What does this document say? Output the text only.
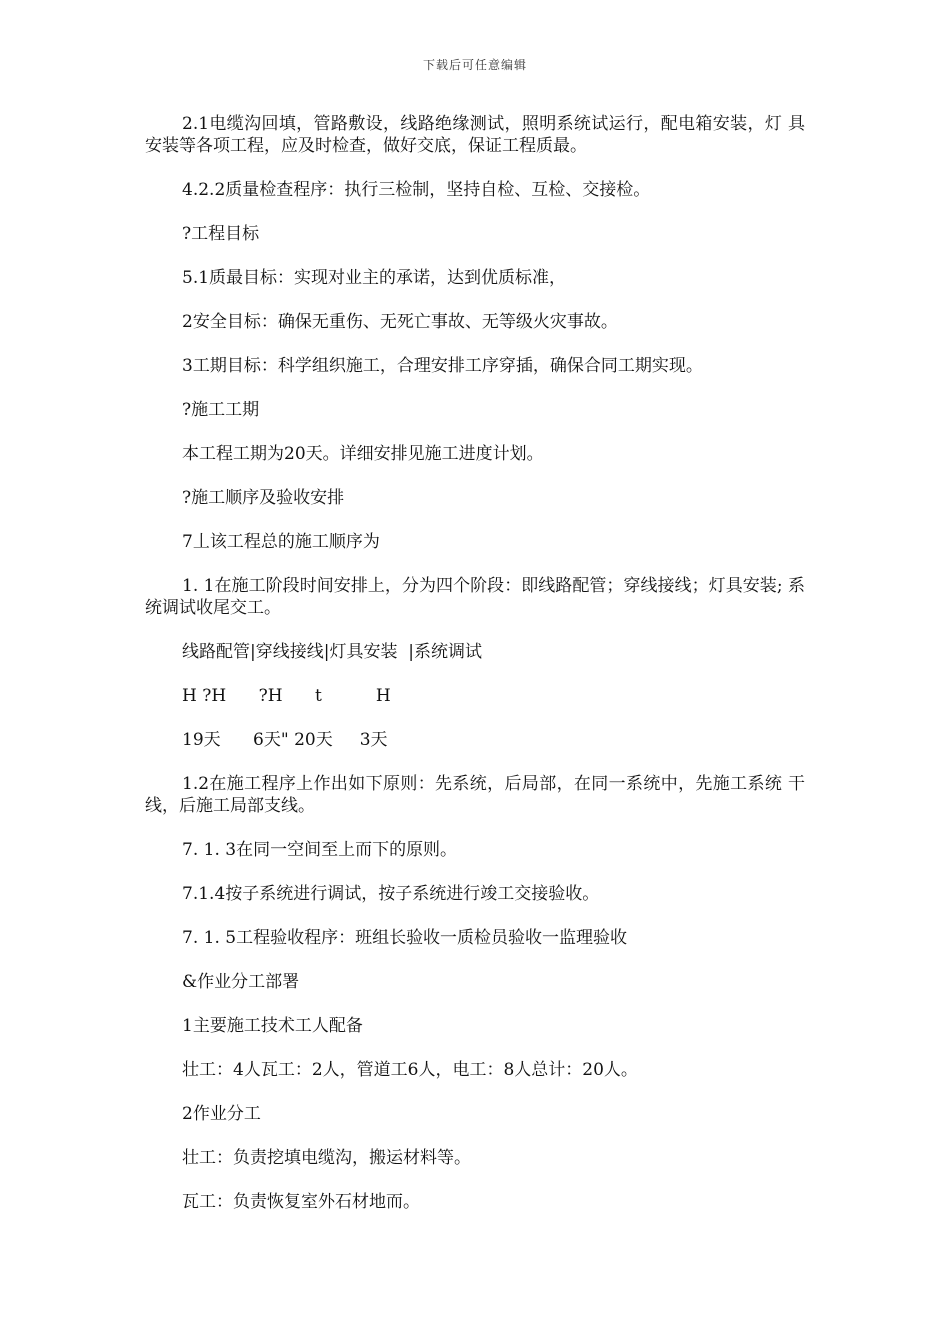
下载后可任意编辑

2.1电缆沟回填，管路敷设，线路绝缘测试，照明系统试运行，配电箱安装，灯 具安装等各项工程，应及时检查，做好交底，保证工程质最。

4.2.2质量检查程序：执行三检制，坚持自检、互检、交接检。

?工程目标

5.1质最目标：实现对业主的承诺，达到优质标准，

2安全目标：确保无重伤、无死亡事故、无等级火灾事故。

3工期目标：科学组织施工，合理安排工序穿插，确保合同工期实现。

?施工工期

本工程工期为20天。详细安排见施工进度计划。

?施工顺序及验收安排

7丄该工程总的施工顺序为

1. 1在施工阶段时间安排上，分为四个阶段：即线路配管；穿线接线；灯具安装; 系统调试收尾交工。

线路配管|穿线接线|灯具安装  |系统调试

H ?H      ?H      t          H

19天      6天" 20天     3天

1.2在施工程序上作出如下原则：先系统，后局部，在同一系统中，先施工系统 干线，后施工局部支线。

7. 1. 3在同一空间至上而下的原则。

7.1.4按子系统进行调试，按子系统进行竣工交接验收。

7. 1. 5工程验收程序：班组长验收一质检员验收一监理验收

&作业分工部署

1主要施工技术工人配备

壮工：4人瓦工：2人，管道工6人，电工：8人总计：20人。

2作业分工

壮工：负责挖填电缆沟，搬运材料等。

瓦工：负责恢复室外石材地而。
